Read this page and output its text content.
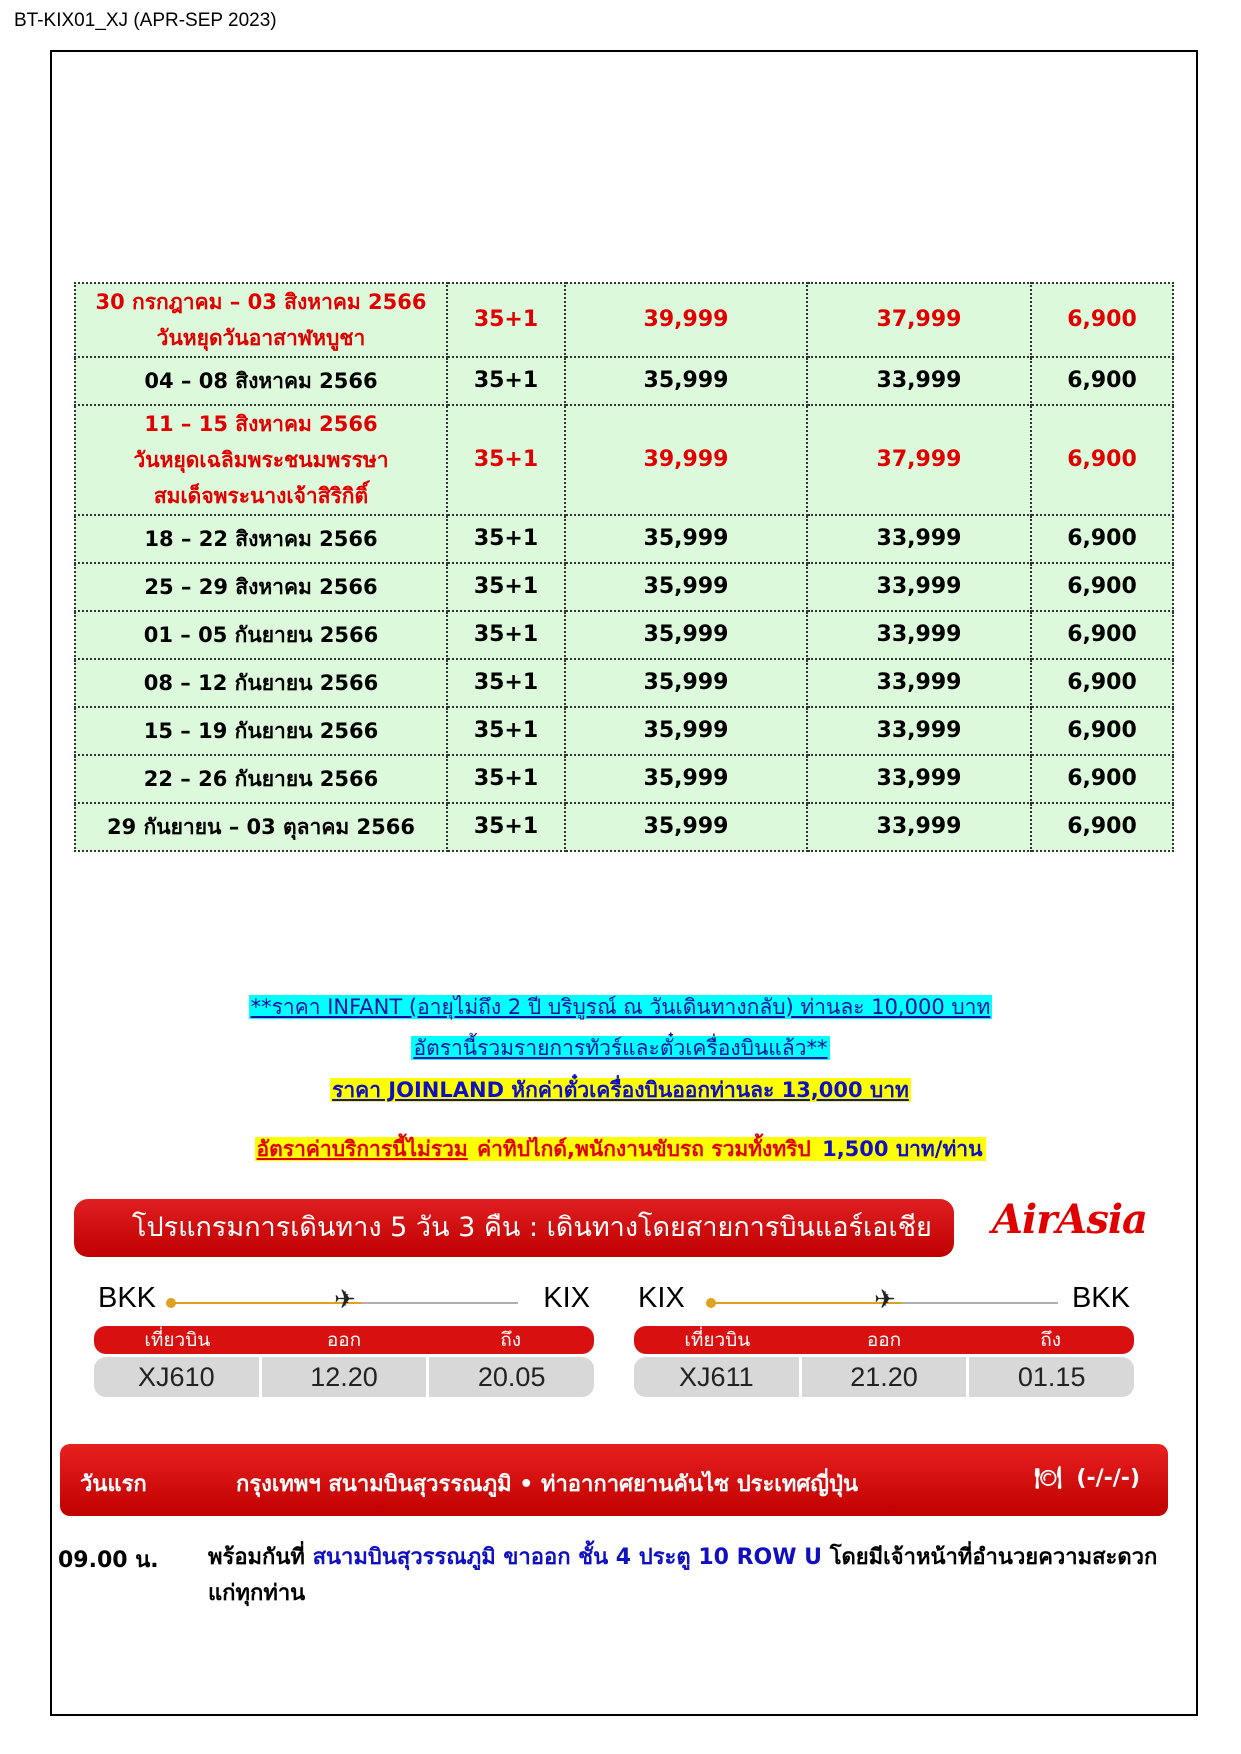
BT-KIX01_XJ (APR-SEP 2023)
30 กรกฎาคม – 03 สิงหาคม 2566
วันหยุดวันอาสาฬหบูชา	35+1	39,999	37,999	6,900

04 – 08 สิงหาคม 2566	35+1	35,999	33,999	6,900

11 – 15 สิงหาคม 2566
วันหยุดเฉลิมพระชนมพรรษา
สมเด็จพระนางเจ้าสิริกิติ์	35+1	39,999	37,999	6,900

18 – 22 สิงหาคม 2566	35+1	35,999	33,999	6,900

25 – 29 สิงหาคม 2566	35+1	35,999	33,999	6,900

01 – 05 กันยายน 2566	35+1	35,999	33,999	6,900

08 – 12 กันยายน 2566	35+1	35,999	33,999	6,900

15 – 19 กันยายน 2566	35+1	35,999	33,999	6,900

22 – 26 กันยายน 2566	35+1	35,999	33,999	6,900

29 กันยายน – 03 ตุลาคม 2566	35+1	35,999	33,999	6,900
**ราคา INFANT (อายุไม่ถึง 2 ปี บริบูรณ์ ณ วันเดินทางกลับ) ท่านละ 10,000 บาท
อัตรานี้รวมรายการทัวร์และตั๋วเครื่องบินแล้ว**
ราคา JOINLAND หักค่าตั๋วเครื่องบินออกท่านละ 13,000 บาท
อัตราค่าบริการนี้ไม่รวม ค่าทิปไกด์,พนักงานขับรถ รวมทั้งทริป 1,500 บาท/ท่าน
โปรแกรมการเดินทาง 5 วัน 3 คืน : เดินทางโดยสายการบินแอร์เอเชีย	AirAsia
BKK	✈	KIX
เที่ยวบิน	ออก	ถึง
XJ610	12.20	20.05
KIX	✈	BKK
เที่ยวบิน	ออก	ถึง
XJ611	21.20	01.15
วันแรก	กรุงเทพฯ สนามบินสุวรรณภูมิ • ท่าอากาศยานคันไซ ประเทศญี่ปุ่น	🍽 (-/-/-)
09.00 น. พร้อมกันที่ สนามบินสุวรรณภูมิ ขาออก ชั้น 4 ประตู 10 ROW U โดยมีเจ้าหน้าที่อำนวยความสะดวกแก่ทุกท่าน
